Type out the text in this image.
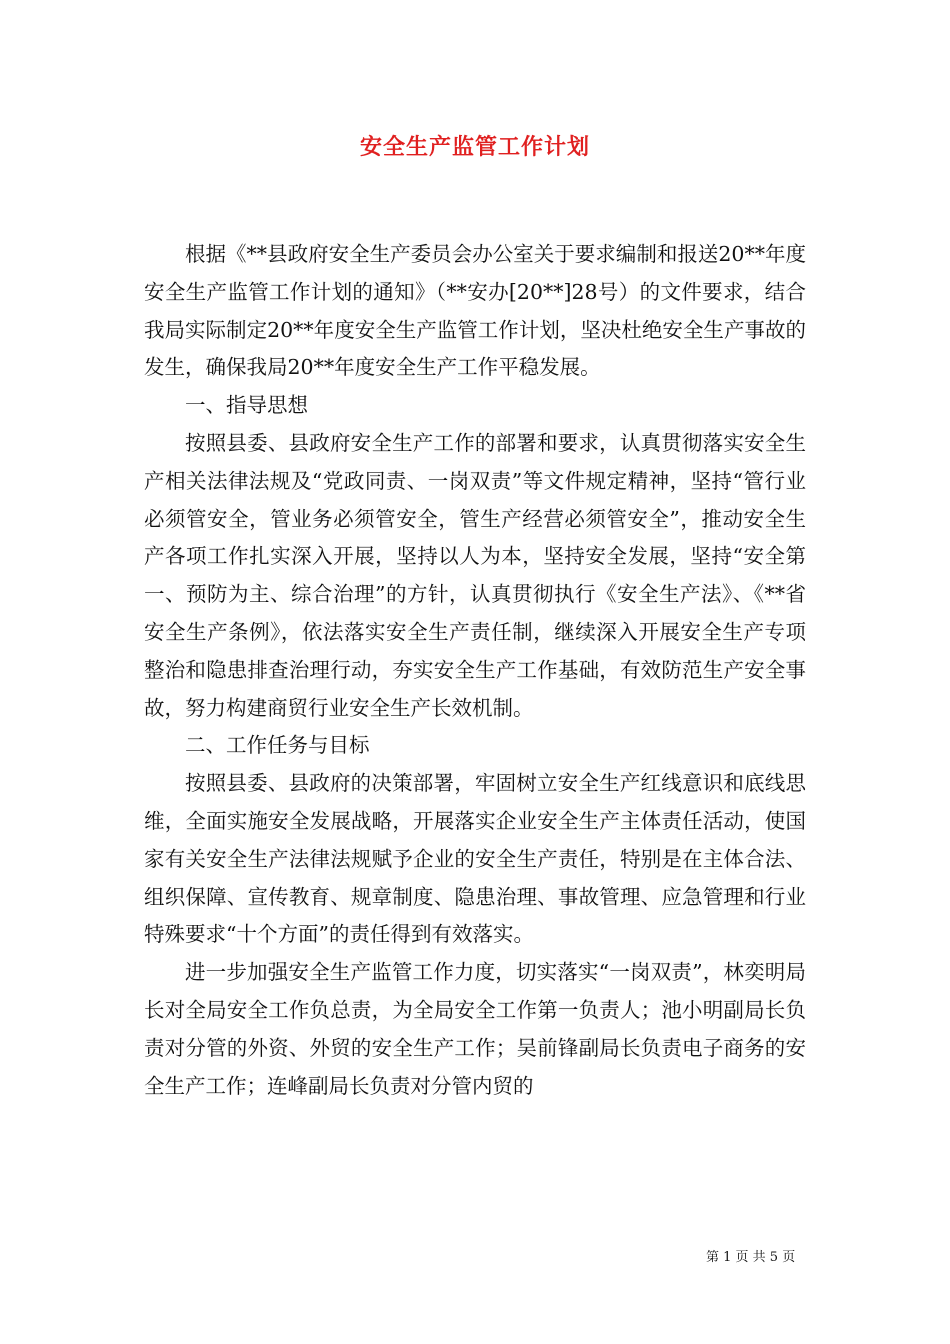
安全生产监管工作计划

根据《**县政府安全生产委员会办公室关于要求编制和报送20**年度安全生产监管工作计划的通知》（**安办[20**]28号）的文件要求，结合我局实际制定20**年度安全生产监管工作计划，坚决杜绝安全生产事故的发生，确保我局20**年度安全生产工作平稳发展。

一、指导思想

按照县委、县政府安全生产工作的部署和要求，认真贯彻落实安全生产相关法律法规及“党政同责、一岗双责”等文件规定精神，坚持“管行业必须管安全，管业务必须管安全，管生产经营必须管安全”，推动安全生产各项工作扎实深入开展，坚持以人为本，坚持安全发展，坚持“安全第一、预防为主、综合治理”的方针，认真贯彻执行《安全生产法》、《**省安全生产条例》，依法落实安全生产责任制，继续深入开展安全生产专项整治和隐患排查治理行动，夯实安全生产工作基础，有效防范生产安全事故，努力构建商贸行业安全生产长效机制。

二、工作任务与目标

按照县委、县政府的决策部署，牢固树立安全生产红线意识和底线思维，全面实施安全发展战略，开展落实企业安全生产主体责任活动，使国家有关安全生产法律法规赋予企业的安全生产责任，特别是在主体合法、组织保障、宣传教育、规章制度、隐患治理、事故管理、应急管理和行业特殊要求“十个方面”的责任得到有效落实。

进一步加强安全生产监管工作力度，切实落实“一岗双责”，林奕明局长对全局安全工作负总责，为全局安全工作第一负责人；池小明副局长负责对分管的外资、外贸的安全生产工作；吴前锋副局长负责电子商务的安全生产工作；连峰副局长负责对分管内贸的

第 1 页 共 5 页
